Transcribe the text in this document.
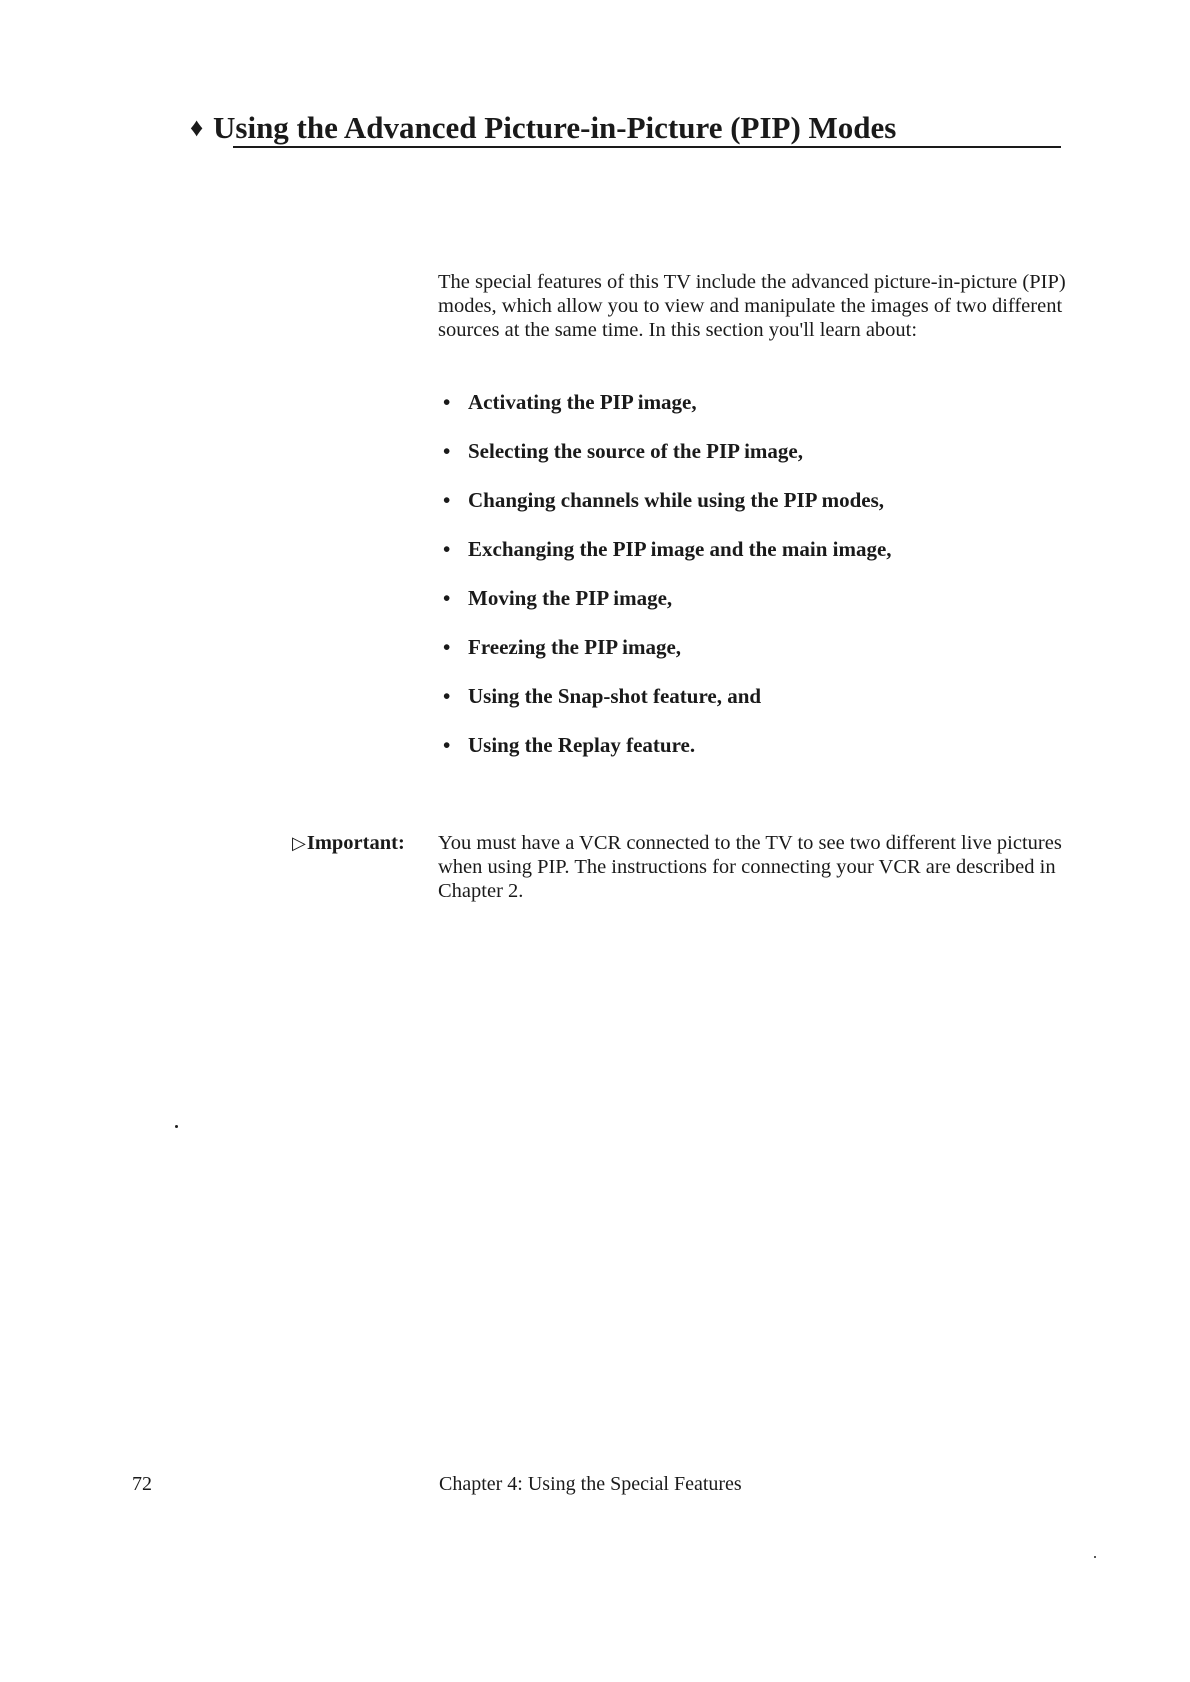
♦ Using the Advanced Picture-in-Picture (PIP) Modes
The special features of this TV include the advanced picture-in-picture (PIP) modes, which allow you to view and manipulate the images of two different sources at the same time. In this section you'll learn about:
• Activating the PIP image,
• Selecting the source of the PIP image,
• Changing channels while using the PIP modes,
• Exchanging the PIP image and the main image,
• Moving the PIP image,
• Freezing the PIP image,
• Using the Snap-shot feature, and
• Using the Replay feature.
▷Important: You must have a VCR connected to the TV to see two different live pictures when using PIP. The instructions for connecting your VCR are described in Chapter 2.
72	Chapter 4: Using the Special Features
